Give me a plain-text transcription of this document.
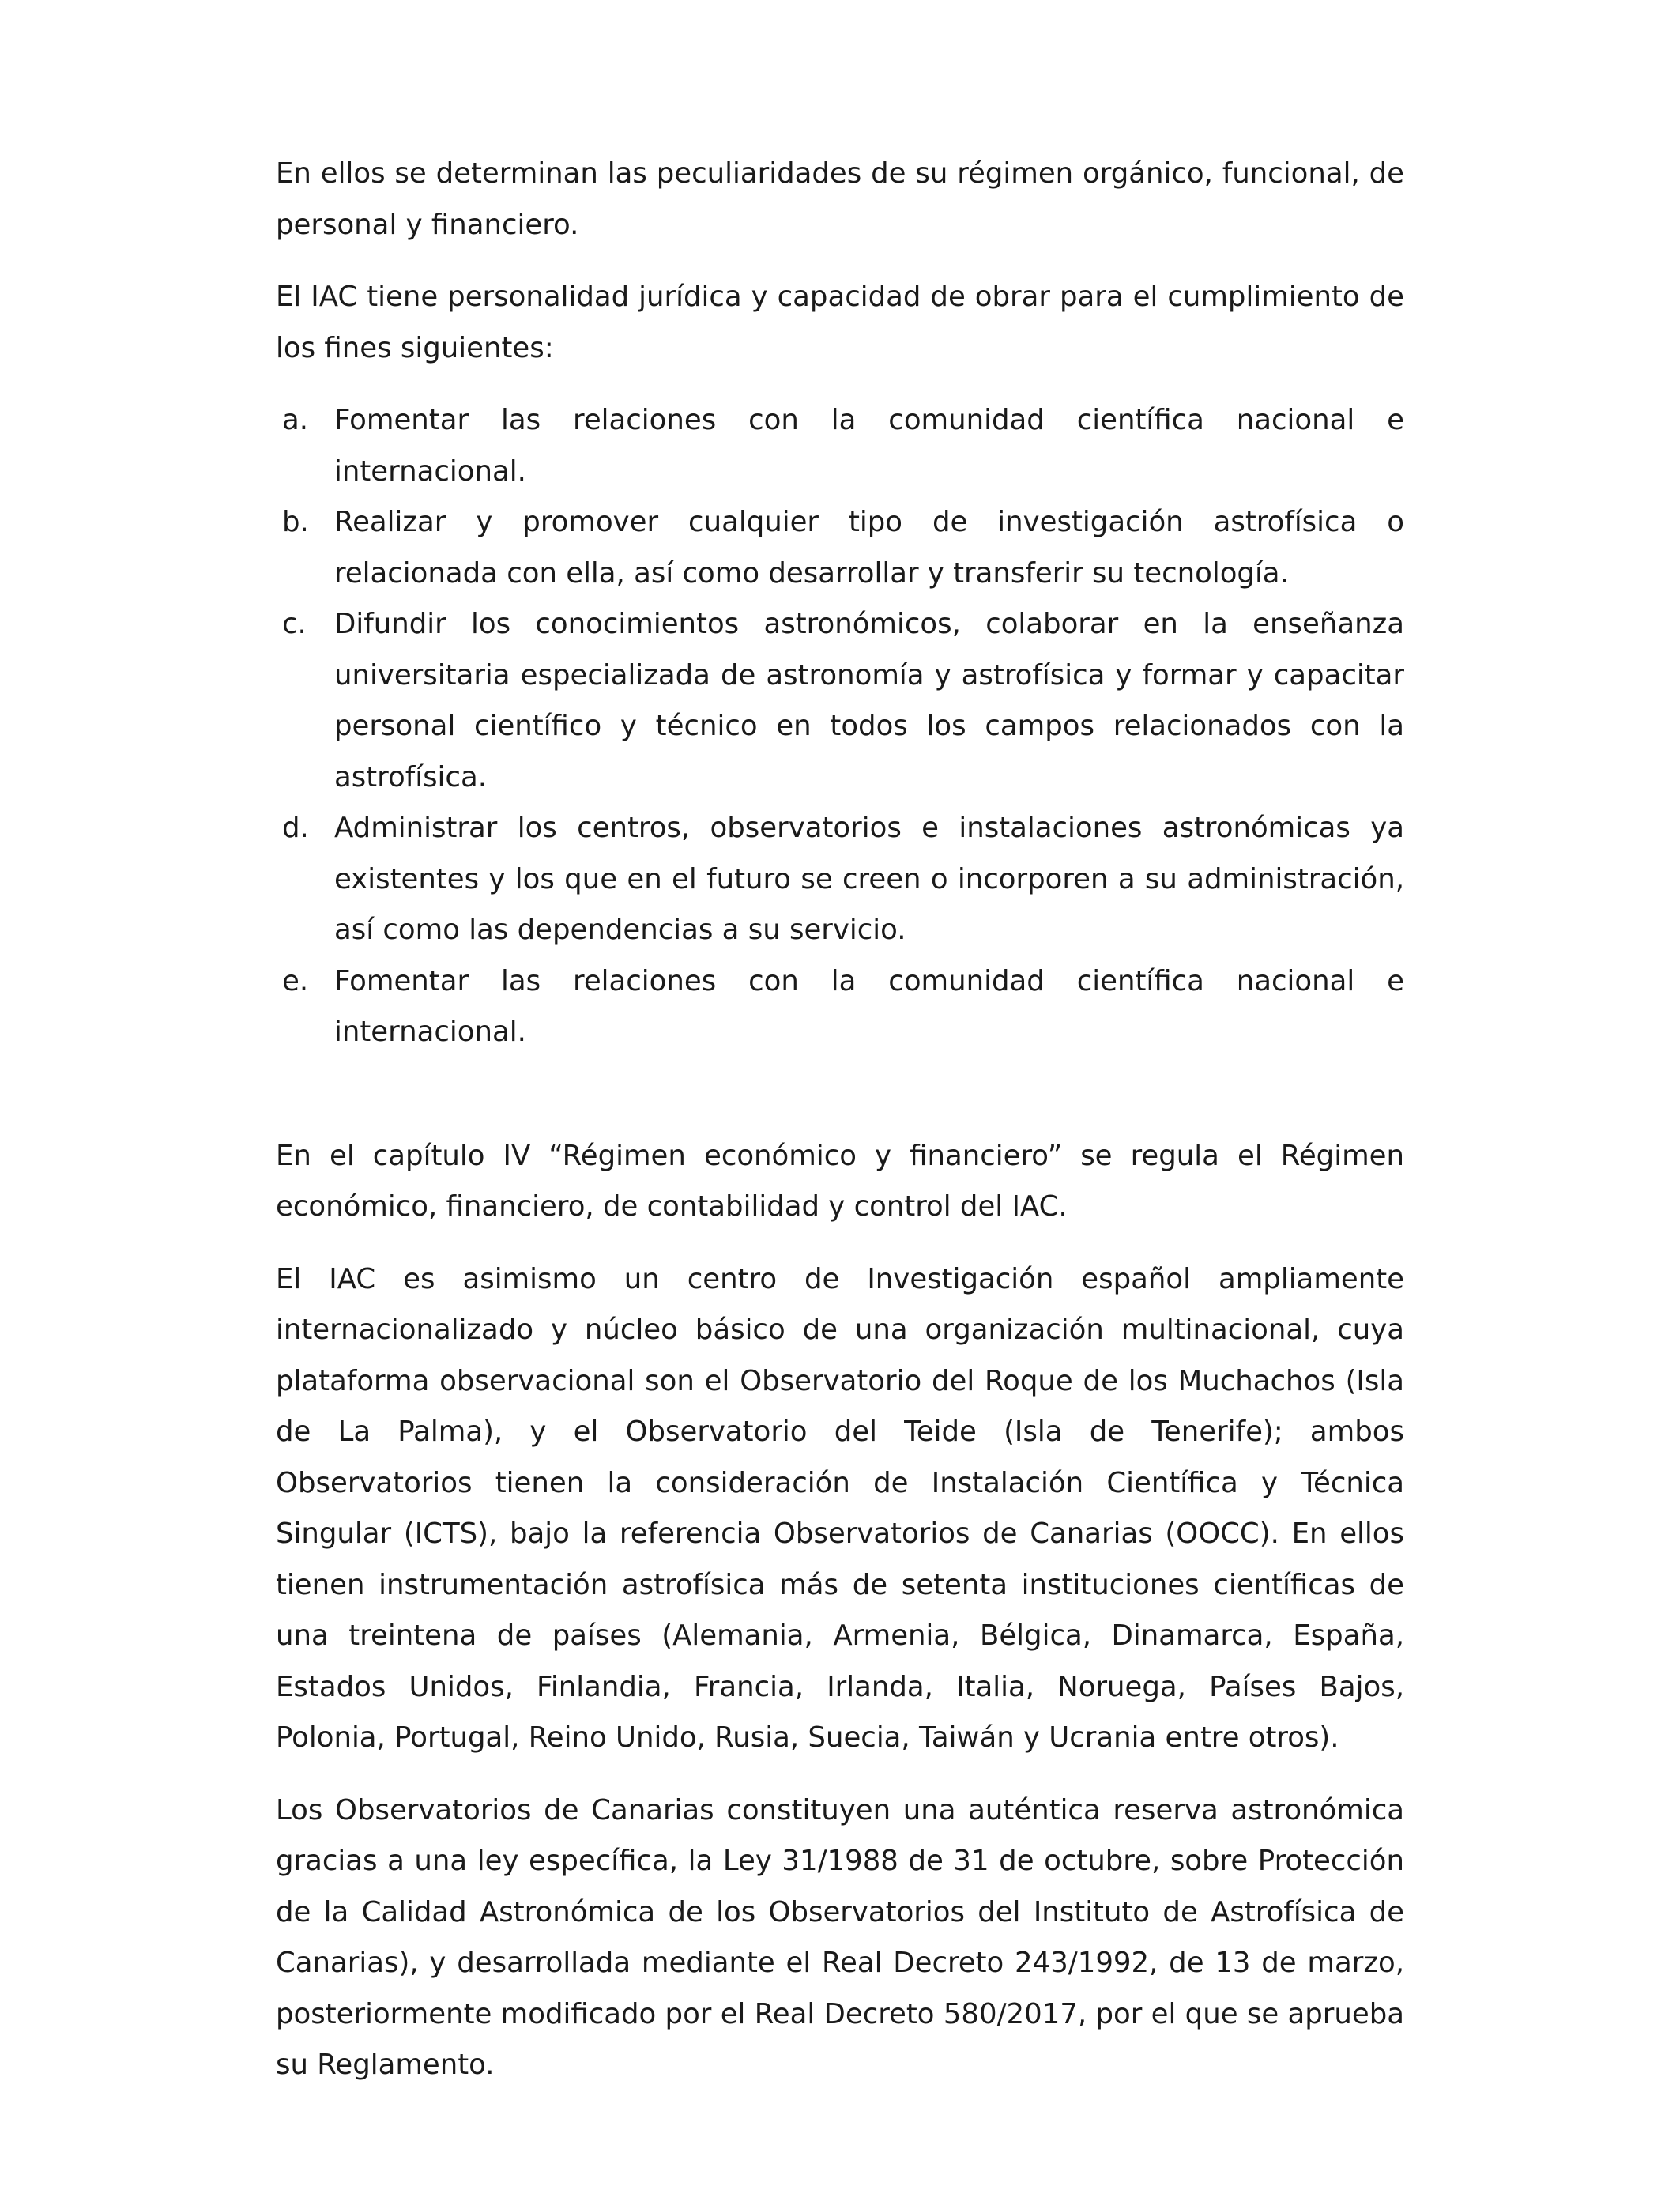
En ellos se determinan las peculiaridades de su régimen orgánico, funcional, de personal y financiero.

El IAC tiene personalidad jurídica y capacidad de obrar para el cumplimiento de los fines siguientes:

a. Fomentar las relaciones con la comunidad científica nacional e internacional.
b. Realizar y promover cualquier tipo de investigación astrofísica o relacionada con ella, así como desarrollar y transferir su tecnología.
c. Difundir los conocimientos astronómicos, colaborar en la enseñanza universitaria especializada de astronomía y astrofísica y formar y capacitar personal científico y técnico en todos los campos relacionados con la astrofísica.
d. Administrar los centros, observatorios e instalaciones astronómicas ya existentes y los que en el futuro se creen o incorporen a su administración, así como las dependencias a su servicio.
e. Fomentar las relaciones con la comunidad científica nacional e internacional.

En el capítulo IV “Régimen económico y financiero” se regula el Régimen económico, financiero, de contabilidad y control del IAC.

El IAC es asimismo un centro de Investigación español ampliamente internacionalizado y núcleo básico de una organización multinacional, cuya plataforma observacional son el Observatorio del Roque de los Muchachos (Isla de La Palma), y el Observatorio del Teide (Isla de Tenerife); ambos Observatorios tienen la consideración de Instalación Científica y Técnica Singular (ICTS), bajo la referencia Observatorios de Canarias (OOCC). En ellos tienen instrumentación astrofísica más de setenta instituciones científicas de una treintena de países (Alemania, Armenia, Bélgica, Dinamarca, España, Estados Unidos, Finlandia, Francia, Irlanda, Italia, Noruega, Países Bajos, Polonia, Portugal, Reino Unido, Rusia, Suecia, Taiwán y Ucrania entre otros).

Los Observatorios de Canarias constituyen una auténtica reserva astronómica gracias a una ley específica, la Ley 31/1988 de 31 de octubre, sobre Protección de la Calidad Astronómica de los Observatorios del Instituto de Astrofísica de Canarias), y desarrollada mediante el Real Decreto 243/1992, de 13 de marzo, posteriormente modificado por el Real Decreto 580/2017, por el que se aprueba su Reglamento.
